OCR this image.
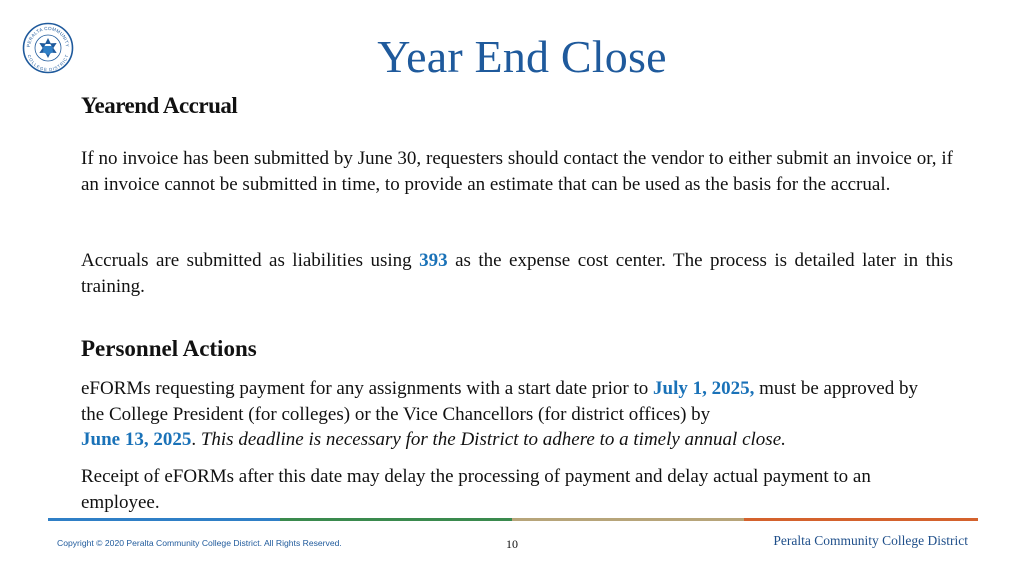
PERALTA COMMUNITY
COLLEGE DISTRICT	Year End Close
Yearend Accrual
If no invoice has been submitted by June 30, requesters should contact the vendor to either submit an invoice or, if an invoice cannot be submitted in time, to provide an estimate that can be used as the basis for the accrual.
Accruals are submitted as liabilities using 393 as the expense cost center. The process is detailed later in this training.
Personnel Actions
eFORMs requesting payment for any assignments with a start date prior to July 1, 2025, must be approved by the College President (for colleges) or the Vice Chancellors (for district offices) by
June 13, 2025. This deadline is necessary for the District to adhere to a timely annual close.
Receipt of eFORMs after this date may delay the processing of payment and delay actual payment to an employee.
Copyright © 2020 Peralta Community College District. All Rights Reserved.	10	Peralta Community College District
